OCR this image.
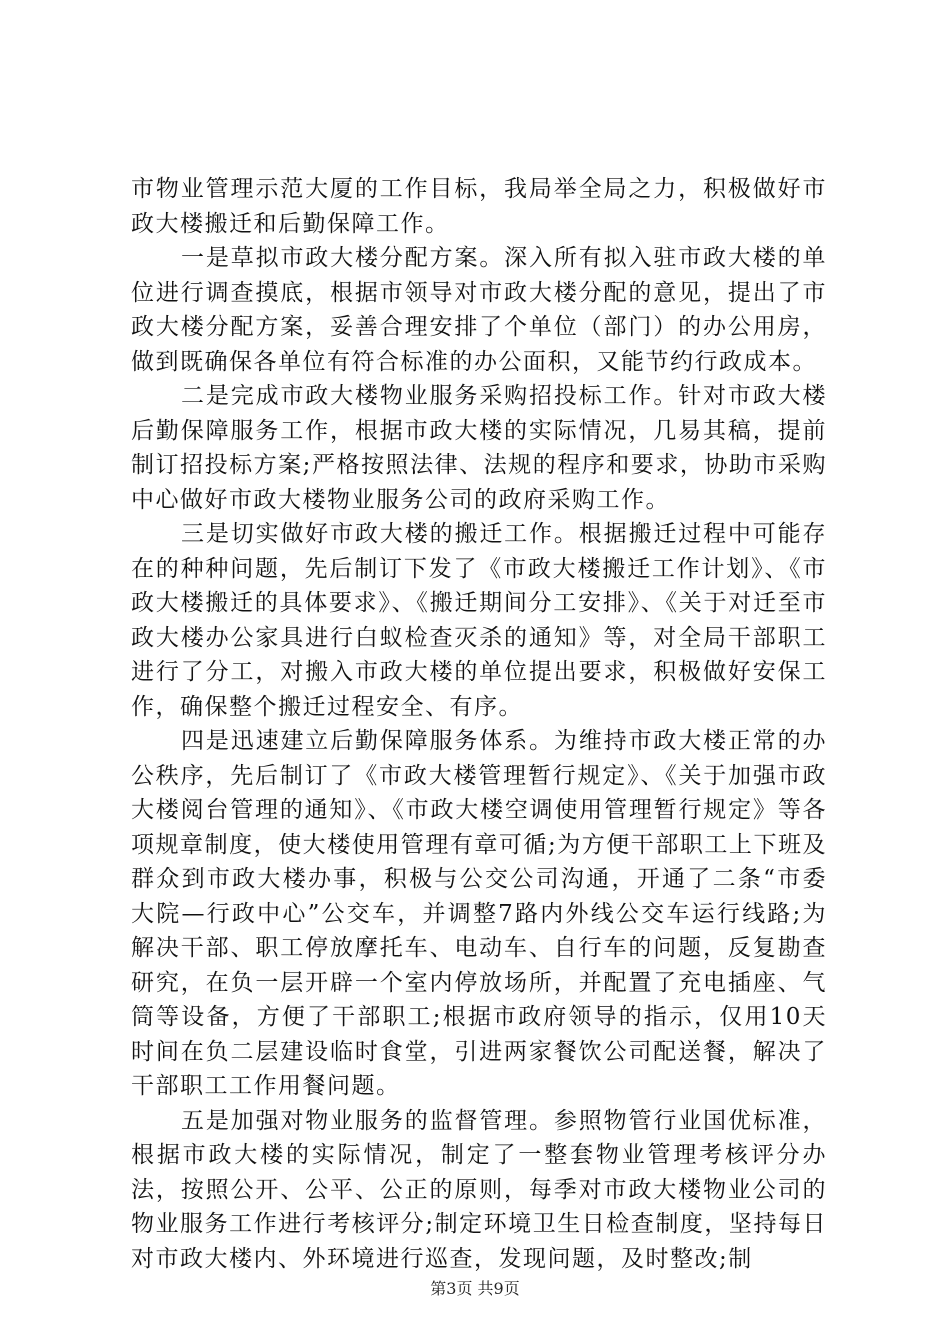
市物业管理示范大厦的工作目标，我局举全局之力，积极做好市政大楼搬迁和后勤保障工作。

一是草拟市政大楼分配方案。深入所有拟入驻市政大楼的单位进行调查摸底，根据市领导对市政大楼分配的意见，提出了市政大楼分配方案，妥善合理安排了个单位（部门）的办公用房，做到既确保各单位有符合标准的办公面积，又能节约行政成本。

二是完成市政大楼物业服务采购招投标工作。针对市政大楼后勤保障服务工作，根据市政大楼的实际情况，几易其稿，提前制订招投标方案;严格按照法律、法规的程序和要求，协助市采购中心做好市政大楼物业服务公司的政府采购工作。

三是切实做好市政大楼的搬迁工作。根据搬迁过程中可能存在的种种问题，先后制订下发了《市政大楼搬迁工作计划》、《市政大楼搬迁的具体要求》、《搬迁期间分工安排》、《关于对迁至市政大楼办公家具进行白蚁检查灭杀的通知》等，对全局干部职工进行了分工，对搬入市政大楼的单位提出要求，积极做好安保工作，确保整个搬迁过程安全、有序。

四是迅速建立后勤保障服务体系。为维持市政大楼正常的办公秩序，先后制订了《市政大楼管理暂行规定》、《关于加强市政大楼阅台管理的通知》、《市政大楼空调使用管理暂行规定》等各项规章制度，使大楼使用管理有章可循;为方便干部职工上下班及群众到市政大楼办事，积极与公交公司沟通，开通了二条“市委大院—行政中心”公交车，并调整7路内外线公交车运行线路;为解决干部、职工停放摩托车、电动车、自行车的问题，反复勘查研究，在负一层开辟一个室内停放场所，并配置了充电插座、气筒等设备，方便了干部职工;根据市政府领导的指示，仅用10天时间在负二层建设临时食堂，引进两家餐饮公司配送餐，解决了干部职工工作用餐问题。

五是加强对物业服务的监督管理。参照物管行业国优标准，根据市政大楼的实际情况，制定了一整套物业管理考核评分办法，按照公开、公平、公正的原则，每季对市政大楼物业公司的物业服务工作进行考核评分;制定环境卫生日检查制度，坚持每日对市政大楼内、外环境进行巡查，发现问题，及时整改;制

第3页 共9页
